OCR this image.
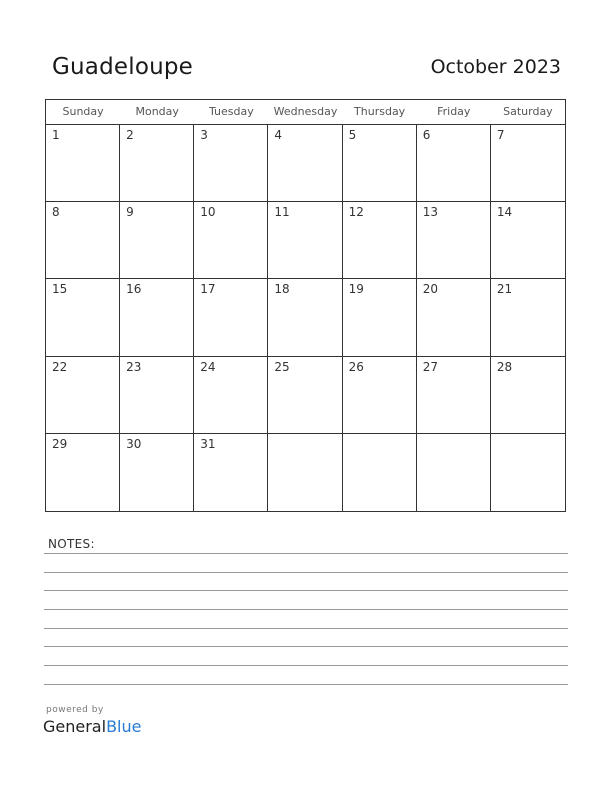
Guadeloupe	October 2023
Sunday	Monday	Tuesday	Wednesday	Thursday	Friday	Saturday
1	2	3	4	5	6	7
8	9	10	11	12	13	14
15	16	17	18	19	20	21
22	23	24	25	26	27	28
29	30	31
NOTES:
powered by
GeneralBlue
